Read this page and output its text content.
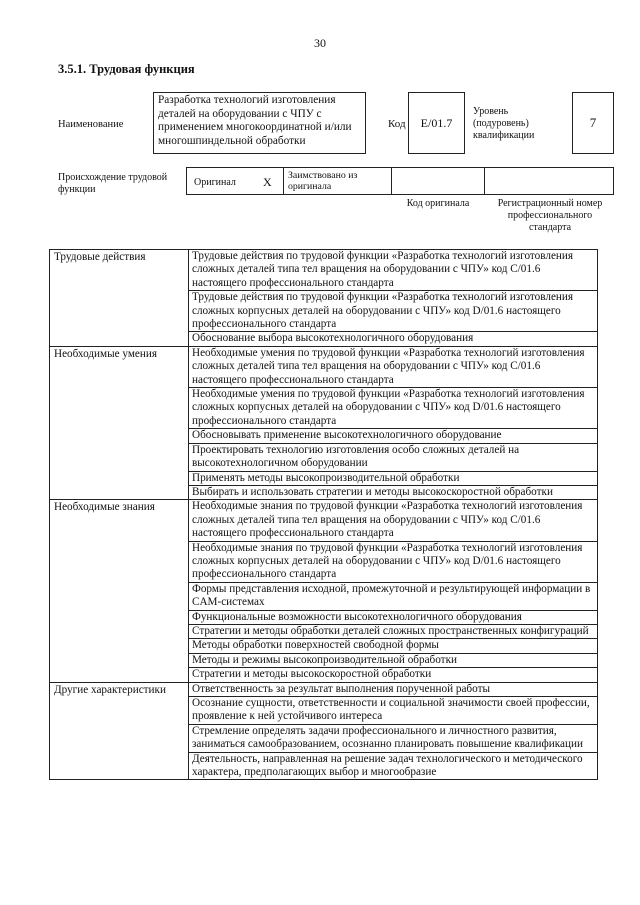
30
3.5.1. Трудовая функция
Наименование
Разработка технологий изготовления деталей на оборудовании с ЧПУ с применением многокоординатной и/или многошпиндельной обработки
Код	E/01.7
Уровень (подуровень) квалификации
7
Происхождение трудовой функции
Оригинал X Заимствовано из оригинала
Код оригинала	Регистрационный номер профессионального стандарта
Трудовые действия	Трудовые действия по трудовой функции «Разработка технологий изготовления сложных деталей типа тел вращения на оборудовании с ЧПУ» код C/01.6 настоящего профессионального стандарта
	Трудовые действия по трудовой функции «Разработка технологий изготовления сложных корпусных деталей на оборудовании с ЧПУ» код D/01.6 настоящего профессионального стандарта
	Обоснование выбора высокотехнологичного оборудования
Необходимые умения	Необходимые умения по трудовой функции «Разработка технологий изготовления сложных деталей типа тел вращения на оборудовании с ЧПУ» код C/01.6 настоящего профессионального стандарта
	Необходимые умения по трудовой функции «Разработка технологий изготовления сложных корпусных деталей на оборудовании с ЧПУ» код D/01.6 настоящего профессионального стандарта
	Обосновывать применение высокотехнологичного оборудование
	Проектировать технологию изготовления особо сложных деталей на высокотехнологичном оборудовании
	Применять методы высокопроизводительной обработки
	Выбирать и использовать стратегии и методы высокоскоростной обработки
Необходимые знания	Необходимые знания по трудовой функции «Разработка технологий изготовления сложных деталей типа тел вращения на оборудовании с ЧПУ» код C/01.6 настоящего профессионального стандарта
	Необходимые знания по трудовой функции «Разработка технологий изготовления сложных корпусных деталей на оборудовании с ЧПУ» код D/01.6 настоящего профессионального стандарта
	Формы представления исходной, промежуточной и результирующей информации в CAM-системах
	Функциональные возможности высокотехнологичного оборудования
	Стратегии и методы обработки деталей сложных пространственных конфигураций
	Методы обработки поверхностей свободной формы
	Методы и режимы высокопроизводительной обработки
	Стратегии и методы высокоскоростной обработки
Другие характеристики	Ответственность за результат выполнения порученной работы
	Осознание сущности, ответственности и социальной значимости своей профессии, проявление к ней устойчивого интереса
	Стремление определять задачи профессионального и личностного развития, заниматься самообразованием, осознанно планировать повышение квалификации
	Деятельность, направленная на решение задач технологического и методического характера, предполагающих выбор и многообразие
